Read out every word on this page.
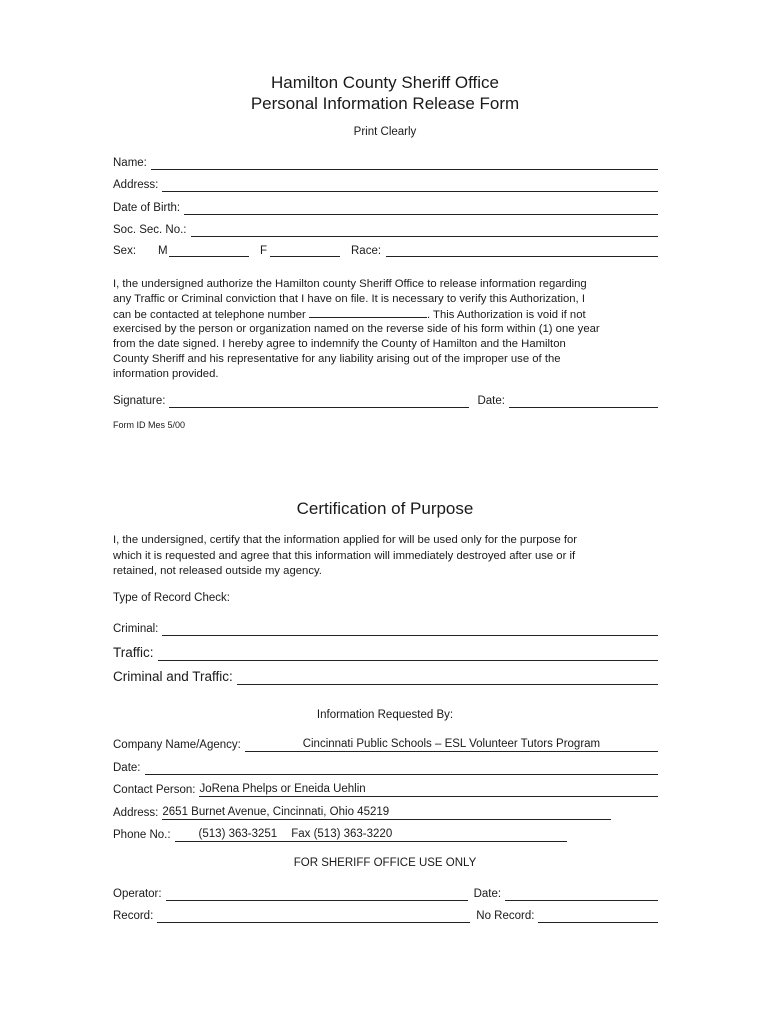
Hamilton County Sheriff Office
Personal Information Release Form
Print Clearly
Name:
Address:
Date of Birth:
Soc. Sec. No.:
Sex: M	F	Race:
I, the undersigned authorize the Hamilton county Sheriff Office to release information regarding
any Traffic or Criminal conviction that I have on file. It is necessary to verify this Authorization, I
can be contacted at telephone number	. This Authorization is void if not
exercised by the person or organization named on the reverse side of his form within (1) one year
from the date signed. I hereby agree to indemnify the County of Hamilton and the Hamilton
County Sheriff and his representative for any liability arising out of the improper use of the
information provided.
Signature:	Date:
Form ID Mes 5/00
Certification of Purpose
I, the undersigned, certify that the information applied for will be used only for the purpose for
which it is requested and agree that this information will immediately destroyed after use or if
retained, not released outside my agency.
Type of Record Check:
Criminal:
Traffic:
Criminal and Traffic:
Information Requested By:
Company Name/Agency:	Cincinnati Public Schools – ESL Volunteer Tutors Program
Date:
Contact Person: JoRena Phelps or Eneida Uehlin
Address: 2651 Burnet Avenue, Cincinnati, Ohio 45219
Phone No.:	(513) 363-3251 Fax (513) 363-3220
FOR SHERIFF OFFICE USE ONLY
Operator:	Date:
Record:	No Record:
